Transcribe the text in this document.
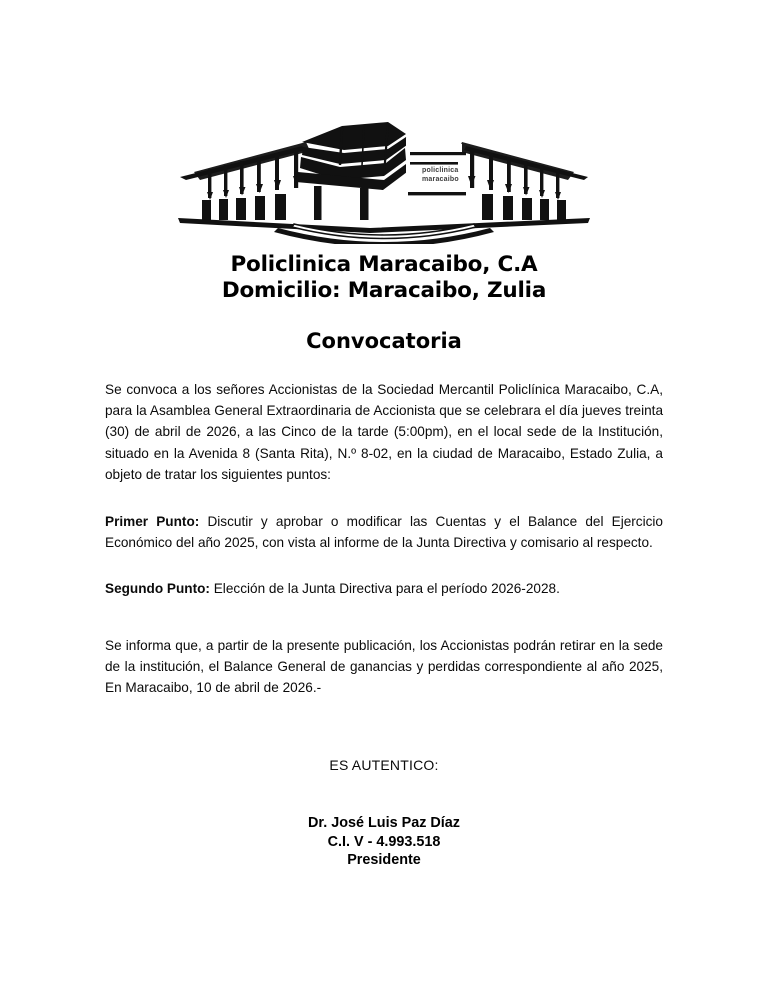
policlinica
maracaibo
Policlinica Maracaibo, C.A
Domicilio: Maracaibo, Zulia
Convocatoria

Se convoca a los señores Accionistas de la Sociedad Mercantil Policlínica Maracaibo, C.A, para la Asamblea General Extraordinaria de Accionista que se celebrara el día jueves treinta (30) de abril de 2026, a las Cinco de la tarde (5:00pm), en el local sede de la Institución, situado en la Avenida 8 (Santa Rita), N.º 8-02, en la ciudad de Maracaibo, Estado Zulia, a objeto de tratar los siguientes puntos:

Primer Punto: Discutir y aprobar o modificar las Cuentas y el Balance del Ejercicio Económico del año 2025, con vista al informe de la Junta Directiva y comisario al respecto.

Segundo Punto: Elección de la Junta Directiva para el período 2026-2028.

Se informa que, a partir de la presente publicación, los Accionistas podrán retirar en la sede de la institución, el Balance General de ganancias y perdidas correspondiente al año 2025, En Maracaibo, 10 de abril de 2026.-

ES AUTENTICO:
Dr. José Luis Paz Díaz
C.I. V - 4.993.518
Presidente
